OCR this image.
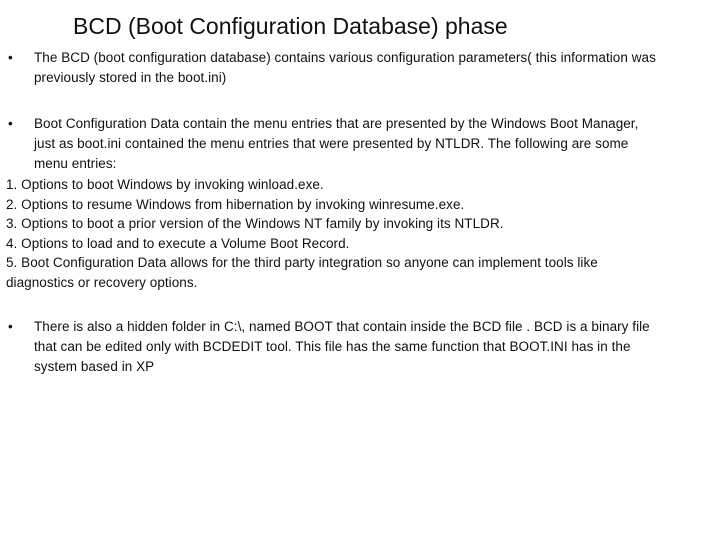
BCD (Boot Configuration Database) phase
• The BCD (boot configuration database) contains various configuration parameters( this information was
previously stored in the boot.ini)
• Boot Configuration Data contain the menu entries that are presented by the Windows Boot Manager,
just as boot.ini contained the menu entries that were presented by NTLDR. The following are some
menu entries:
1. Options to boot Windows by invoking winload.exe.
2. Options to resume Windows from hibernation by invoking winresume.exe.
3. Options to boot a prior version of the Windows NT family by invoking its NTLDR.
4. Options to load and to execute a Volume Boot Record.
5. Boot Configuration Data allows for the third party integration so anyone can implement tools like
diagnostics or recovery options.
• There is also a hidden folder in C:\, named BOOT that contain inside the BCD file . BCD is a binary file
that can be edited only with BCDEDIT tool. This file has the same function that BOOT.INI has in the
system based in XP
